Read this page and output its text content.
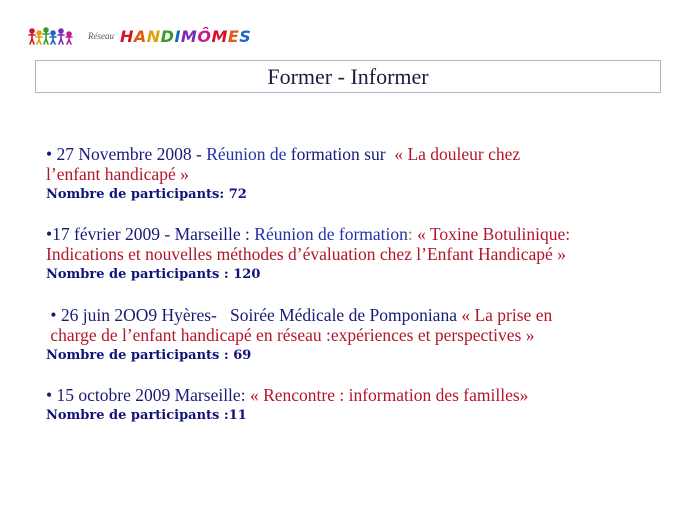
Réseau HANDIMÔMES
Former - Informer
• 27 Novembre 2008 - Réunion de formation sur « La douleur chez
l’enfant handicapé »
Nombre de participants: 72
•17 février 2009 - Marseille : Réunion de formation: « Toxine Botulinique:
Indications et nouvelles méthodes d’évaluation chez l’Enfant Handicapé »
Nombre de participants : 120
• 26 juin 2OO9 Hyères- Soirée Médicale de Pomponiana « La prise en
charge de l’enfant handicapé en réseau :expériences et perspectives »
Nombre de participants : 69
• 15 octobre 2009 Marseille: « Rencontre : information des familles»
Nombre de participants :11
